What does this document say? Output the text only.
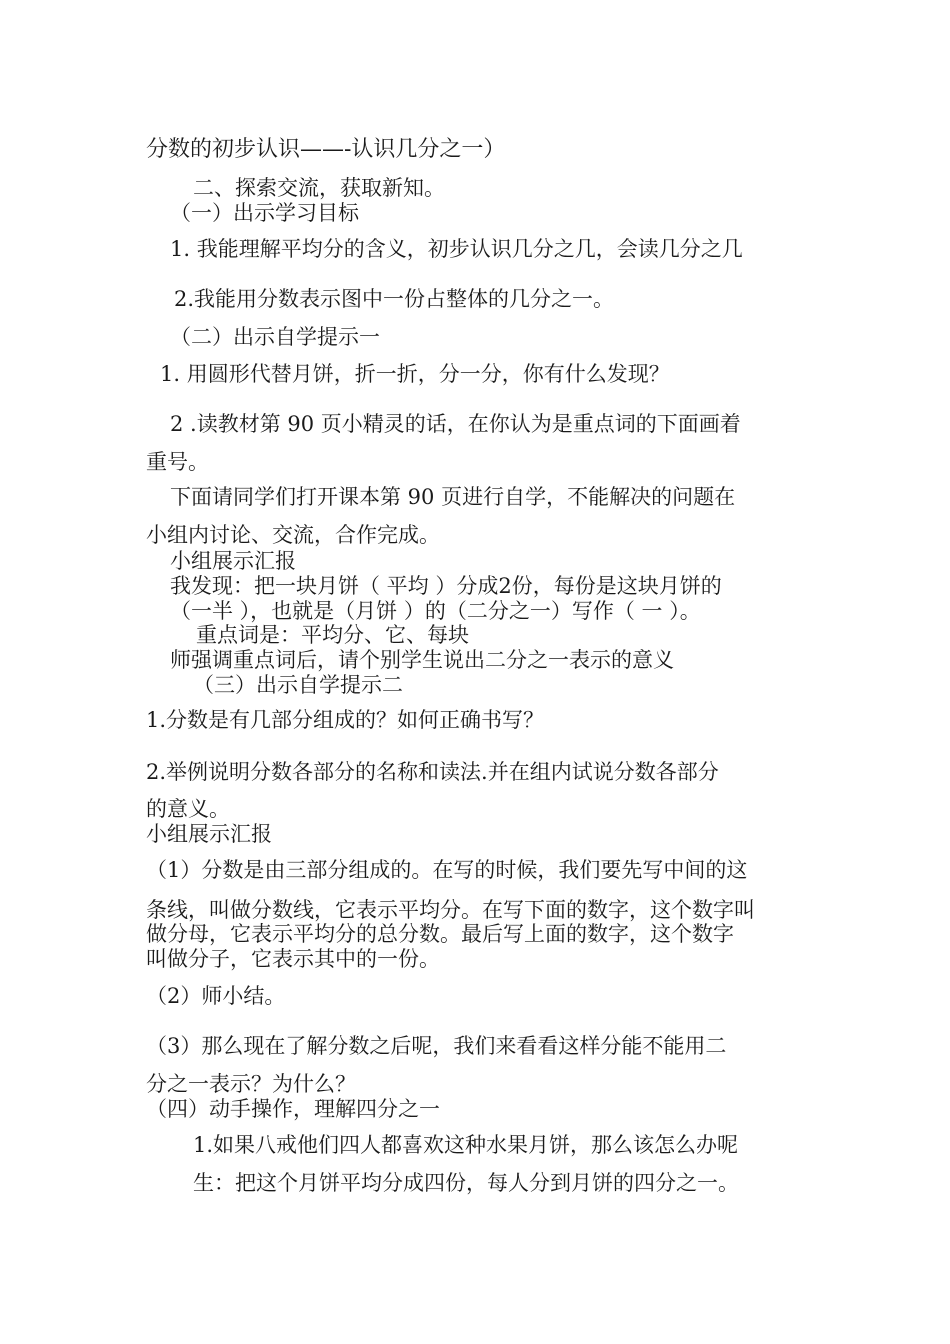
分数的初步认识——-认识几分之一）
二、探索交流，获取新知。
（一）出示学习目标
1. 我能理解平均分的含义，初步认识几分之几，会读几分之几
2.我能用分数表示图中一份占整体的几分之一。
（二）出示自学提示一
1. 用圆形代替月饼，折一折，分一分，你有什么发现？
2 .读教材第 90 页小精灵的话，在你认为是重点词的下面画着
重号。
下面请同学们打开课本第 90 页进行自学，不能解决的问题在
小组内讨论、交流，合作完成。
小组展示汇报
我发现：把一块月饼（ 平均 ）分成2份，每份是这块月饼的
（一半 ），也就是（月饼 ）的（二分之一）写作（ 一 ）。
重点词是：平均分、它、每块
师强调重点词后，请个别学生说出二分之一表示的意义
（三）出示自学提示二
1.分数是有几部分组成的？如何正确书写？
2.举例说明分数各部分的名称和读法.并在组内试说分数各部分
的意义。
小组展示汇报
（1）分数是由三部分组成的。在写的时候，我们要先写中间的这
条线，叫做分数线，它表示平均分。在写下面的数字，这个数字叫
做分母，它表示平均分的总分数。最后写上面的数字，这个数字
叫做分子，它表示其中的一份。
（2）师小结。
（3）那么现在了解分数之后呢，我们来看看这样分能不能用二
分之一表示？为什么？
（四）动手操作，理解四分之一
1.如果八戒他们四人都喜欢这种水果月饼，那么该怎么办呢
生：把这个月饼平均分成四份，每人分到月饼的四分之一。
